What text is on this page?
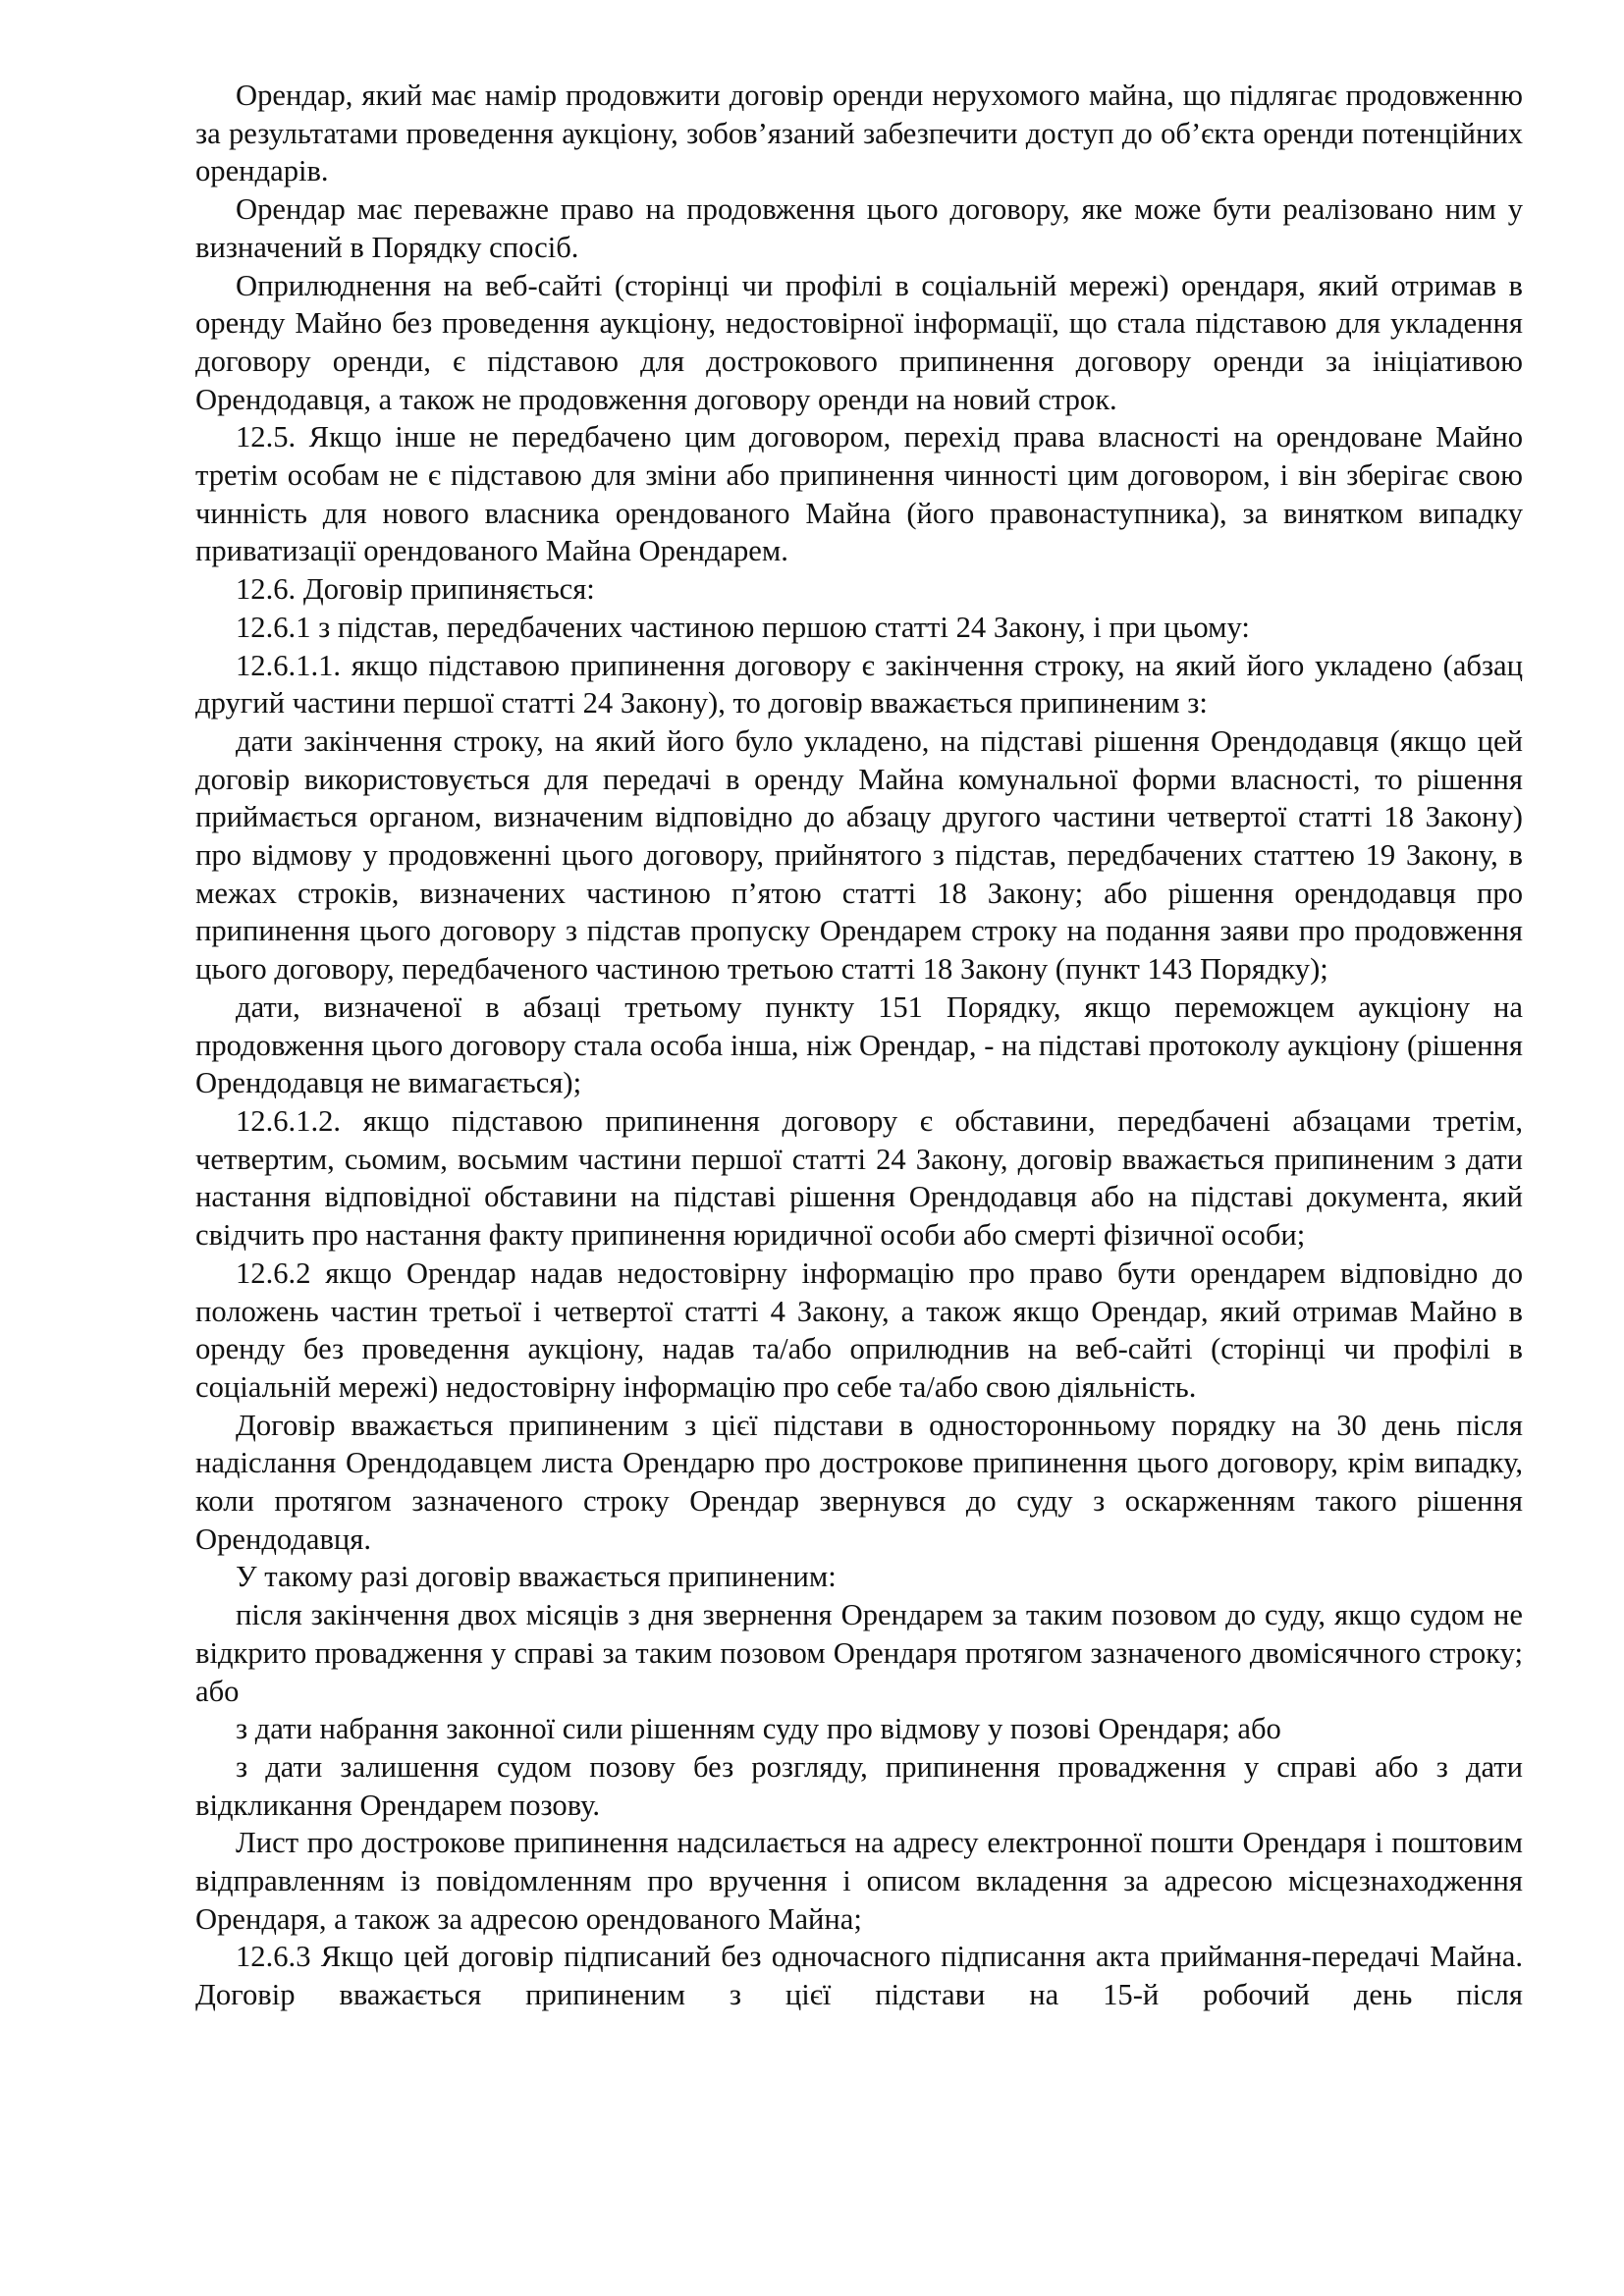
Орендар, який має намір продовжити договір оренди нерухомого майна, що підлягає продовженню за результатами проведення аукціону, зобов’язаний забезпечити доступ до об’єкта оренди потенційних орендарів.

Орендар має переважне право на продовження цього договору, яке може бути реалізовано ним у визначений в Порядку спосіб.

Оприлюднення на веб-сайті (сторінці чи профілі в соціальній мережі) орендаря, який отримав в оренду Майно без проведення аукціону, недостовірної інформації, що стала підставою для укладення договору оренди, є підставою для дострокового припинення договору оренди за ініціативою Орендодавця, а також не продовження договору оренди на новий строк.

12.5. Якщо інше не передбачено цим договором, перехід права власності на орендоване Майно третім особам не є підставою для зміни або припинення чинності цим договором, і він зберігає свою чинність для нового власника орендованого Майна (його правонаступника), за винятком випадку приватизації орендованого Майна Орендарем.

12.6. Договір припиняється:

12.6.1 з підстав, передбачених частиною першою статті 24 Закону, і при цьому:

12.6.1.1. якщо підставою припинення договору є закінчення строку, на який його укладено (абзац другий частини першої статті 24 Закону), то договір вважається припиненим з:

дати закінчення строку, на який його було укладено, на підставі рішення Орендодавця (якщо цей договір використовується для передачі в оренду Майна комунальної форми власності, то рішення приймається органом, визначеним відповідно до абзацу другого частини четвертої статті 18 Закону) про відмову у продовженні цього договору, прийнятого з підстав, передбачених статтею 19 Закону, в межах строків, визначених частиною п’ятою статті 18 Закону; або рішення орендодавця про припинення цього договору з підстав пропуску Орендарем строку на подання заяви про продовження цього договору, передбаченого частиною третьою статті 18 Закону (пункт 143 Порядку);

дати, визначеної в абзаці третьому пункту 151 Порядку, якщо переможцем аукціону на продовження цього договору стала особа інша, ніж Орендар, - на підставі протоколу аукціону (рішення Орендодавця не вимагається);

12.6.1.2. якщо підставою припинення договору є обставини, передбачені абзацами третім, четвертим, сьомим, восьмим частини першої статті 24 Закону, договір вважається припиненим з дати настання відповідної обставини на підставі рішення Орендодавця або на підставі документа, який свідчить про настання факту припинення юридичної особи або смерті фізичної особи;

12.6.2 якщо Орендар надав недостовірну інформацію про право бути орендарем відповідно до положень частин третьої і четвертої статті 4 Закону, а також якщо Орендар, який отримав Майно в оренду без проведення аукціону, надав та/або оприлюднив на веб-сайті (сторінці чи профілі в соціальній мережі) недостовірну інформацію про себе та/або свою діяльність.

Договір вважається припиненим з цієї підстави в односторонньому порядку на 30 день після надіслання Орендодавцем листа Орендарю про дострокове припинення цього договору, крім випадку, коли протягом зазначеного строку Орендар звернувся до суду з оскарженням такого рішення Орендодавця.

У такому разі договір вважається припиненим:

після закінчення двох місяців з дня звернення Орендарем за таким позовом до суду, якщо судом не відкрито провадження у справі за таким позовом Орендаря протягом зазначеного двомісячного строку; або

з дати набрання законної сили рішенням суду про відмову у позові Орендаря; або

з дати залишення судом позову без розгляду, припинення провадження у справі або з дати відкликання Орендарем позову.

Лист про дострокове припинення надсилається на адресу електронної пошти Орендаря і поштовим відправленням із повідомленням про вручення і описом вкладення за адресою місцезнаходження Орендаря, а також за адресою орендованого Майна;

12.6.3 Якщо цей договір підписаний без одночасного підписання акта приймання-передачі Майна. Договір вважається припиненим з цієї підстави на 15-й робочий день після
